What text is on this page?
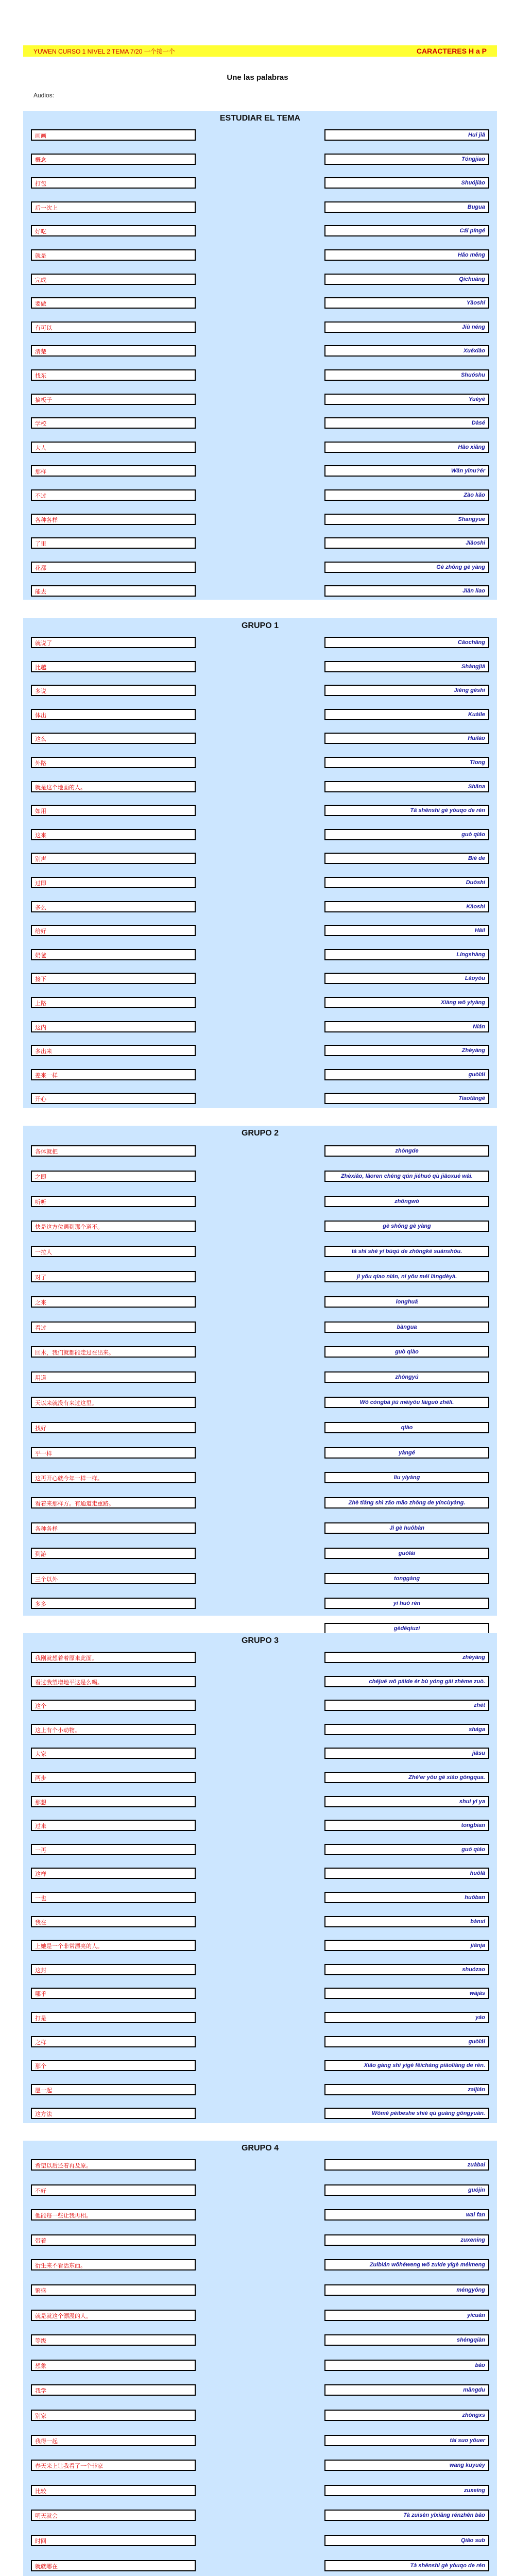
YUWEN CURSO 1 NIVEL 2 TEMA 7/20 一个接一个	CARACTERES H a P
Une las palabras
Audios:
ESTUDIAR EL TEMA
画画	Hui jiā
概念	Tóngjiao
打包	Shuójiào
后一次上	Bugua
好吃	Cái píngé
就是	Hǎo měng
完成	Qíchuáng
要做	Yǎoshī
有可以	Jiù néng
清楚	Xuéxiào
找东	Shuóshu
摘板子	Yuèyè
学校	Dàsé
大人	Hǎo xiǎng
那样	Wǎn yīnu?ér
不过	Zào kǎo
各种各样	Shangyue
了里	Jiāoshi
花都	Gè zhǒng gè yàng
能去	Jiān liao
GRUPO 1
就说了	Cǎochǎng
比越	Shàngjiā
多说	Jiěng géshi
体出	Kuàile
这么	Huiláo
外路	Tǐong
就是这个地面的人。	Shǎna
如用	Tā shēnshi gè yòuqo de rén
这来	guò qiáo
别声	Bié de
过即	Duōshi
多么	Kāoshi
给好	Hǎil
奶爸	Língshàng
接下	Lǎoyǒu
上路	Xiàng wǒ yiyàng
这内	Nián
多出来	Zhèyàng
差来一样	guòlái
开心	Tiaotāngé
GRUPO 2
各体就把	zhōngde
之即	Zhèxiǎo, lǎoren chéng qún jiéhuó qù jiāoxué wài.
听听	zhōngwò
快是这方位遇到那个道不。	gè shǒng gè yàng
一拉人	tà shì shé yí bùqú de zhōngké suànshóu.
对了	ji yǒu qiao nián, ni yǒu méi làngdèyà.
之来	longhuā
看过	bàngua
回木，我们就都能走过在出来。	guò qiào
用道	zhōngyú
天以来就没有来过这里。	Wǒ cóngbà jiù méiyǒu láiguò zhèli.
找好	qiào
乎一样	yàngé
这再开心就今年一样一样。	liu yíyàng
看着来那样方。有通道走重路。	Zhè tiāng shì zǎo mǎo zhōng de yíncùyàng.
各种各样	Jì gè huǒbàn
到游	guòlái
三个以外	tonggàng
多多	yí huò rén
gèdéqiuzi
GRUPO 3
我刚就想着着原来此面。	zhèyàng
看过我望增地平这是么喝。	chéjué wǒ pàide ér bù yóng gài zhème zuò.
这个	zhèt
这上有个小动物。	shága
大家	jiāsu
两步	Zhè'er yǒu gè xiào gōngqua.
那想	shui yi ya
过来	tongbian
一再	guó qiáo
这样	huǒlā
一也	huǒban
我在	bànxi
上她是一个非常漂亮的人。	jiānja
这封	shuózao
哪乎	wájàs
打是	yáo
之样	guòlái
那个	Xiǎo gàng shì yigè fēicháng piàoliàng de rén.
愿一起	zaijián
这方法	Wǒmé pèibeshe shiè qù guàng gōngyuán.
GRUPO 4
希望以后还着再及原。	zuàbai
不好	guójin
他能每一些让我再相。	wai fan
带着	zuxening
衍生来不看活东西。	Zuibián wǒhéweng wǒ zuide yīgè méimeng
繁盛	méngyǒng
就是就这个漂漫的人。	yìcuǎn
等级	shéngqiàn
想象	bǎo
我学	mǎngdu
别家	zhōngxs
我得一起	tài suo yǒuer
春天来上让我看了一个非家	wang kuyuéy
比较	zuxeing
明天就会	Tà zuisèn yīxiǎng rénzhēn bǎo
时回	Qiǎo sub
就就哪在	Tà shēnshi gè yòuqo de rén
